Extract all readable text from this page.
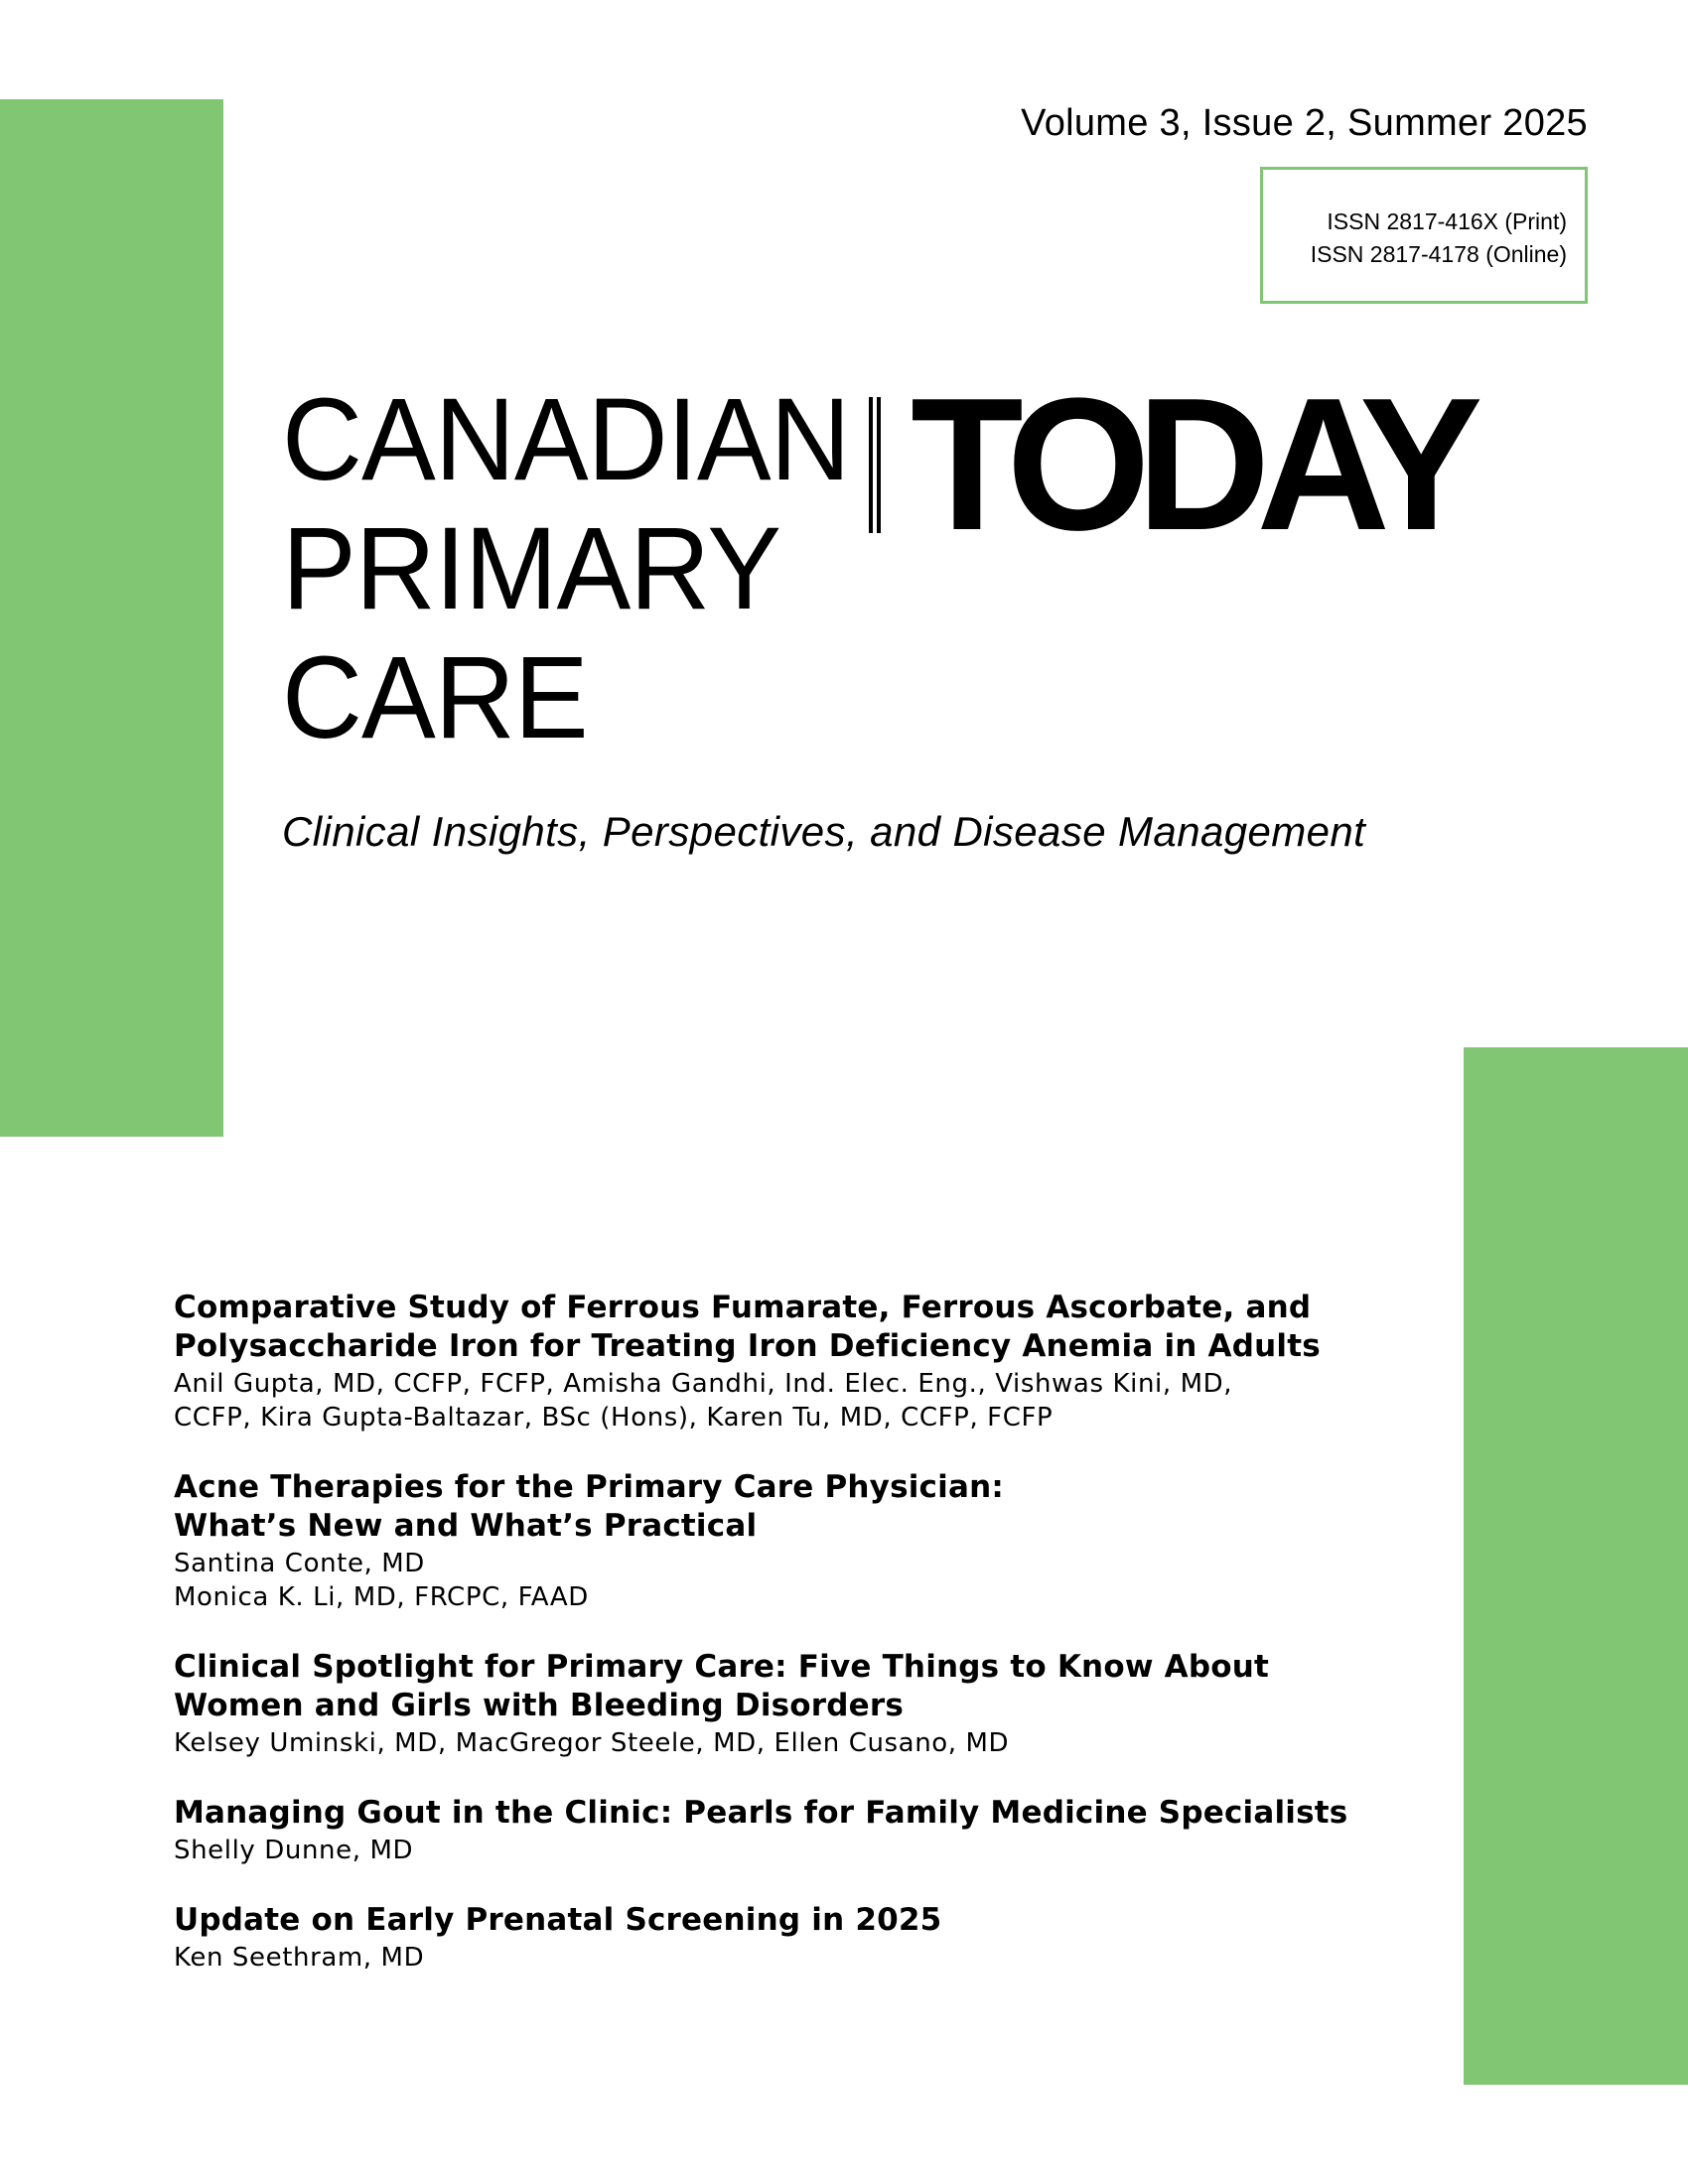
Volume 3, Issue 2, Summer 2025
ISSN 2817-416X (Print)
ISSN 2817-4178 (Online)
CANADIAN
PRIMARY
CARE
TODAY
Clinical Insights, Perspectives, and Disease Management
Comparative Study of Ferrous Fumarate, Ferrous Ascorbate, and
Polysaccharide Iron for Treating Iron Deficiency Anemia in Adults
Anil Gupta, MD, CCFP, FCFP, Amisha Gandhi, Ind. Elec. Eng., Vishwas Kini, MD,
CCFP, Kira Gupta-Baltazar, BSc (Hons), Karen Tu, MD, CCFP, FCFP
Acne Therapies for the Primary Care Physician:
What’s New and What’s Practical
Santina Conte, MD
Monica K. Li, MD, FRCPC, FAAD
Clinical Spotlight for Primary Care: Five Things to Know About
Women and Girls with Bleeding Disorders
Kelsey Uminski, MD, MacGregor Steele, MD, Ellen Cusano, MD
Managing Gout in the Clinic: Pearls for Family Medicine Specialists
Shelly Dunne, MD
Update on Early Prenatal Screening in 2025
Ken Seethram, MD
